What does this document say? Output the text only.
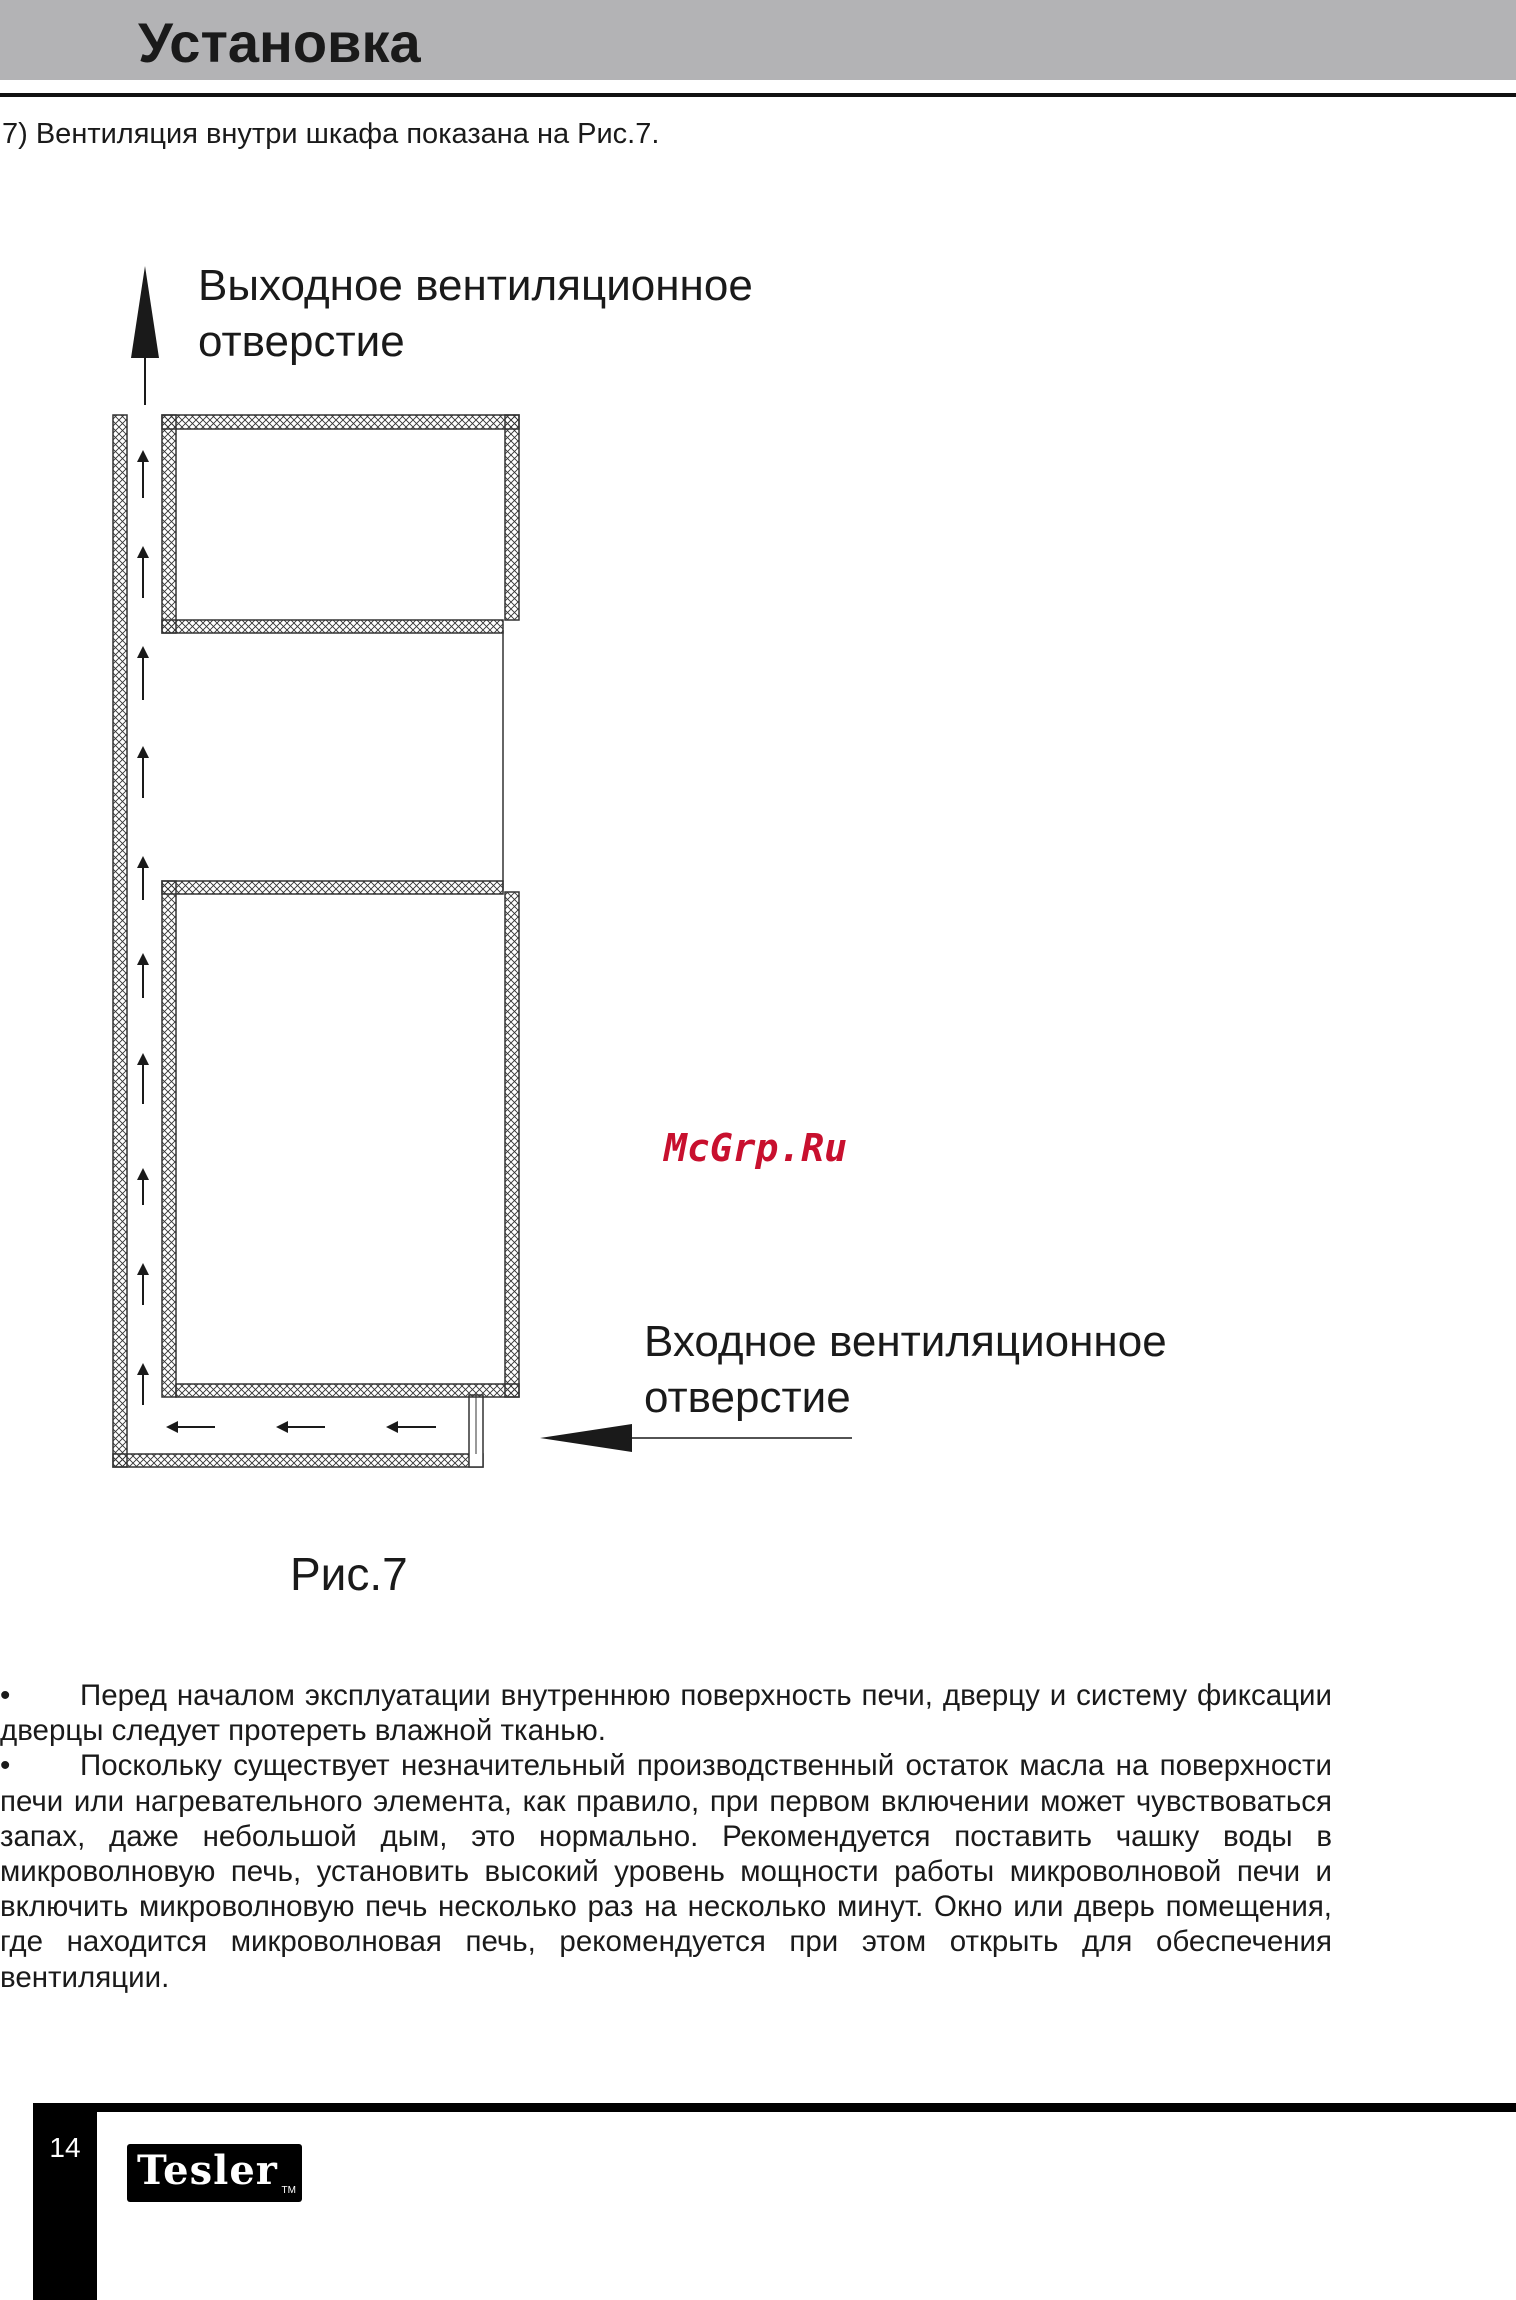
Установка

7) Вентиляция внутри шкафа показана на Рис.7.

Выходное вентиляционное
отверстие
Входное вентиляционное
отверстие

McGrp.Ru

Рис.7

• Перед началом эксплуатации внутреннюю поверхность печи, дверцу и систему фиксации дверцы следует протереть влажной тканью.

• Поскольку существует незначительный производственный остаток масла на поверхности печи или нагревательного элемента, как правило, при первом включении может чувствоваться запах, даже небольшой дым, это нормально. Рекомендуется поставить чашку воды в микроволновую печь, установить высокий уровень мощности работы микроволновой печи и включить микроволновую печь несколько раз на несколько минут. Окно или дверь помещения, где находится микроволновая печь, рекомендуется при этом открыть для обеспечения вентиляции.

14	Tesler TM
